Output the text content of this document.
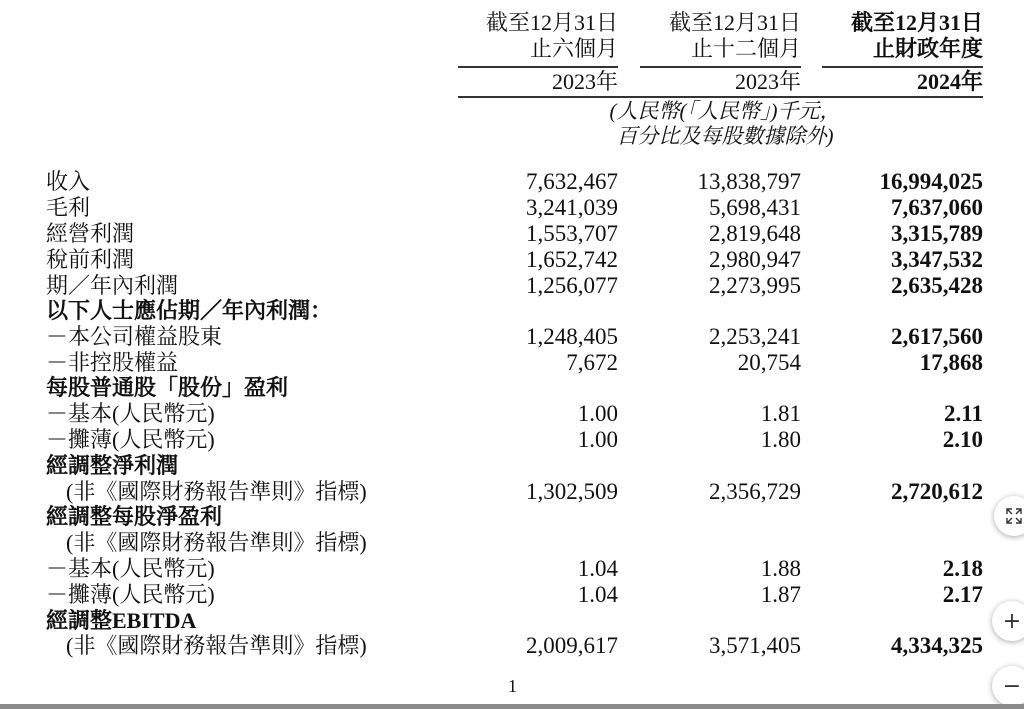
截至12月31日
止六個月
2023年
截至12月31日
止十二個月
2023年
截至12月31日
止財政年度
2024年
(人民幣(「人民幣」)千元，
百分比及每股數據除外)
收入	7,632,467	13,838,797	16,994,025
毛利	3,241,039	5,698,431	7,637,060
經營利潤	1,553,707	2,819,648	3,315,789
稅前利潤	1,652,742	2,980,947	3,347,532
期／年內利潤	1,256,077	2,273,995	2,635,428
以下人士應佔期／年內利潤：
－本公司權益股東	1,248,405	2,253,241	2,617,560
－非控股權益	7,672	20,754	17,868
每股普通股「股份」盈利
－基本(人民幣元)	1.00	1.81	2.11
－攤薄(人民幣元)	1.00	1.80	2.10
經調整淨利潤
(非《國際財務報告準則》指標)	1,302,509	2,356,729	2,720,612
經調整每股淨盈利
(非《國際財務報告準則》指標)
－基本(人民幣元)	1.04	1.88	2.18
－攤薄(人民幣元)	1.04	1.87	2.17
經調整EBITDA
(非《國際財務報告準則》指標)	2,009,617	3,571,405	4,334,325
1
+
−
